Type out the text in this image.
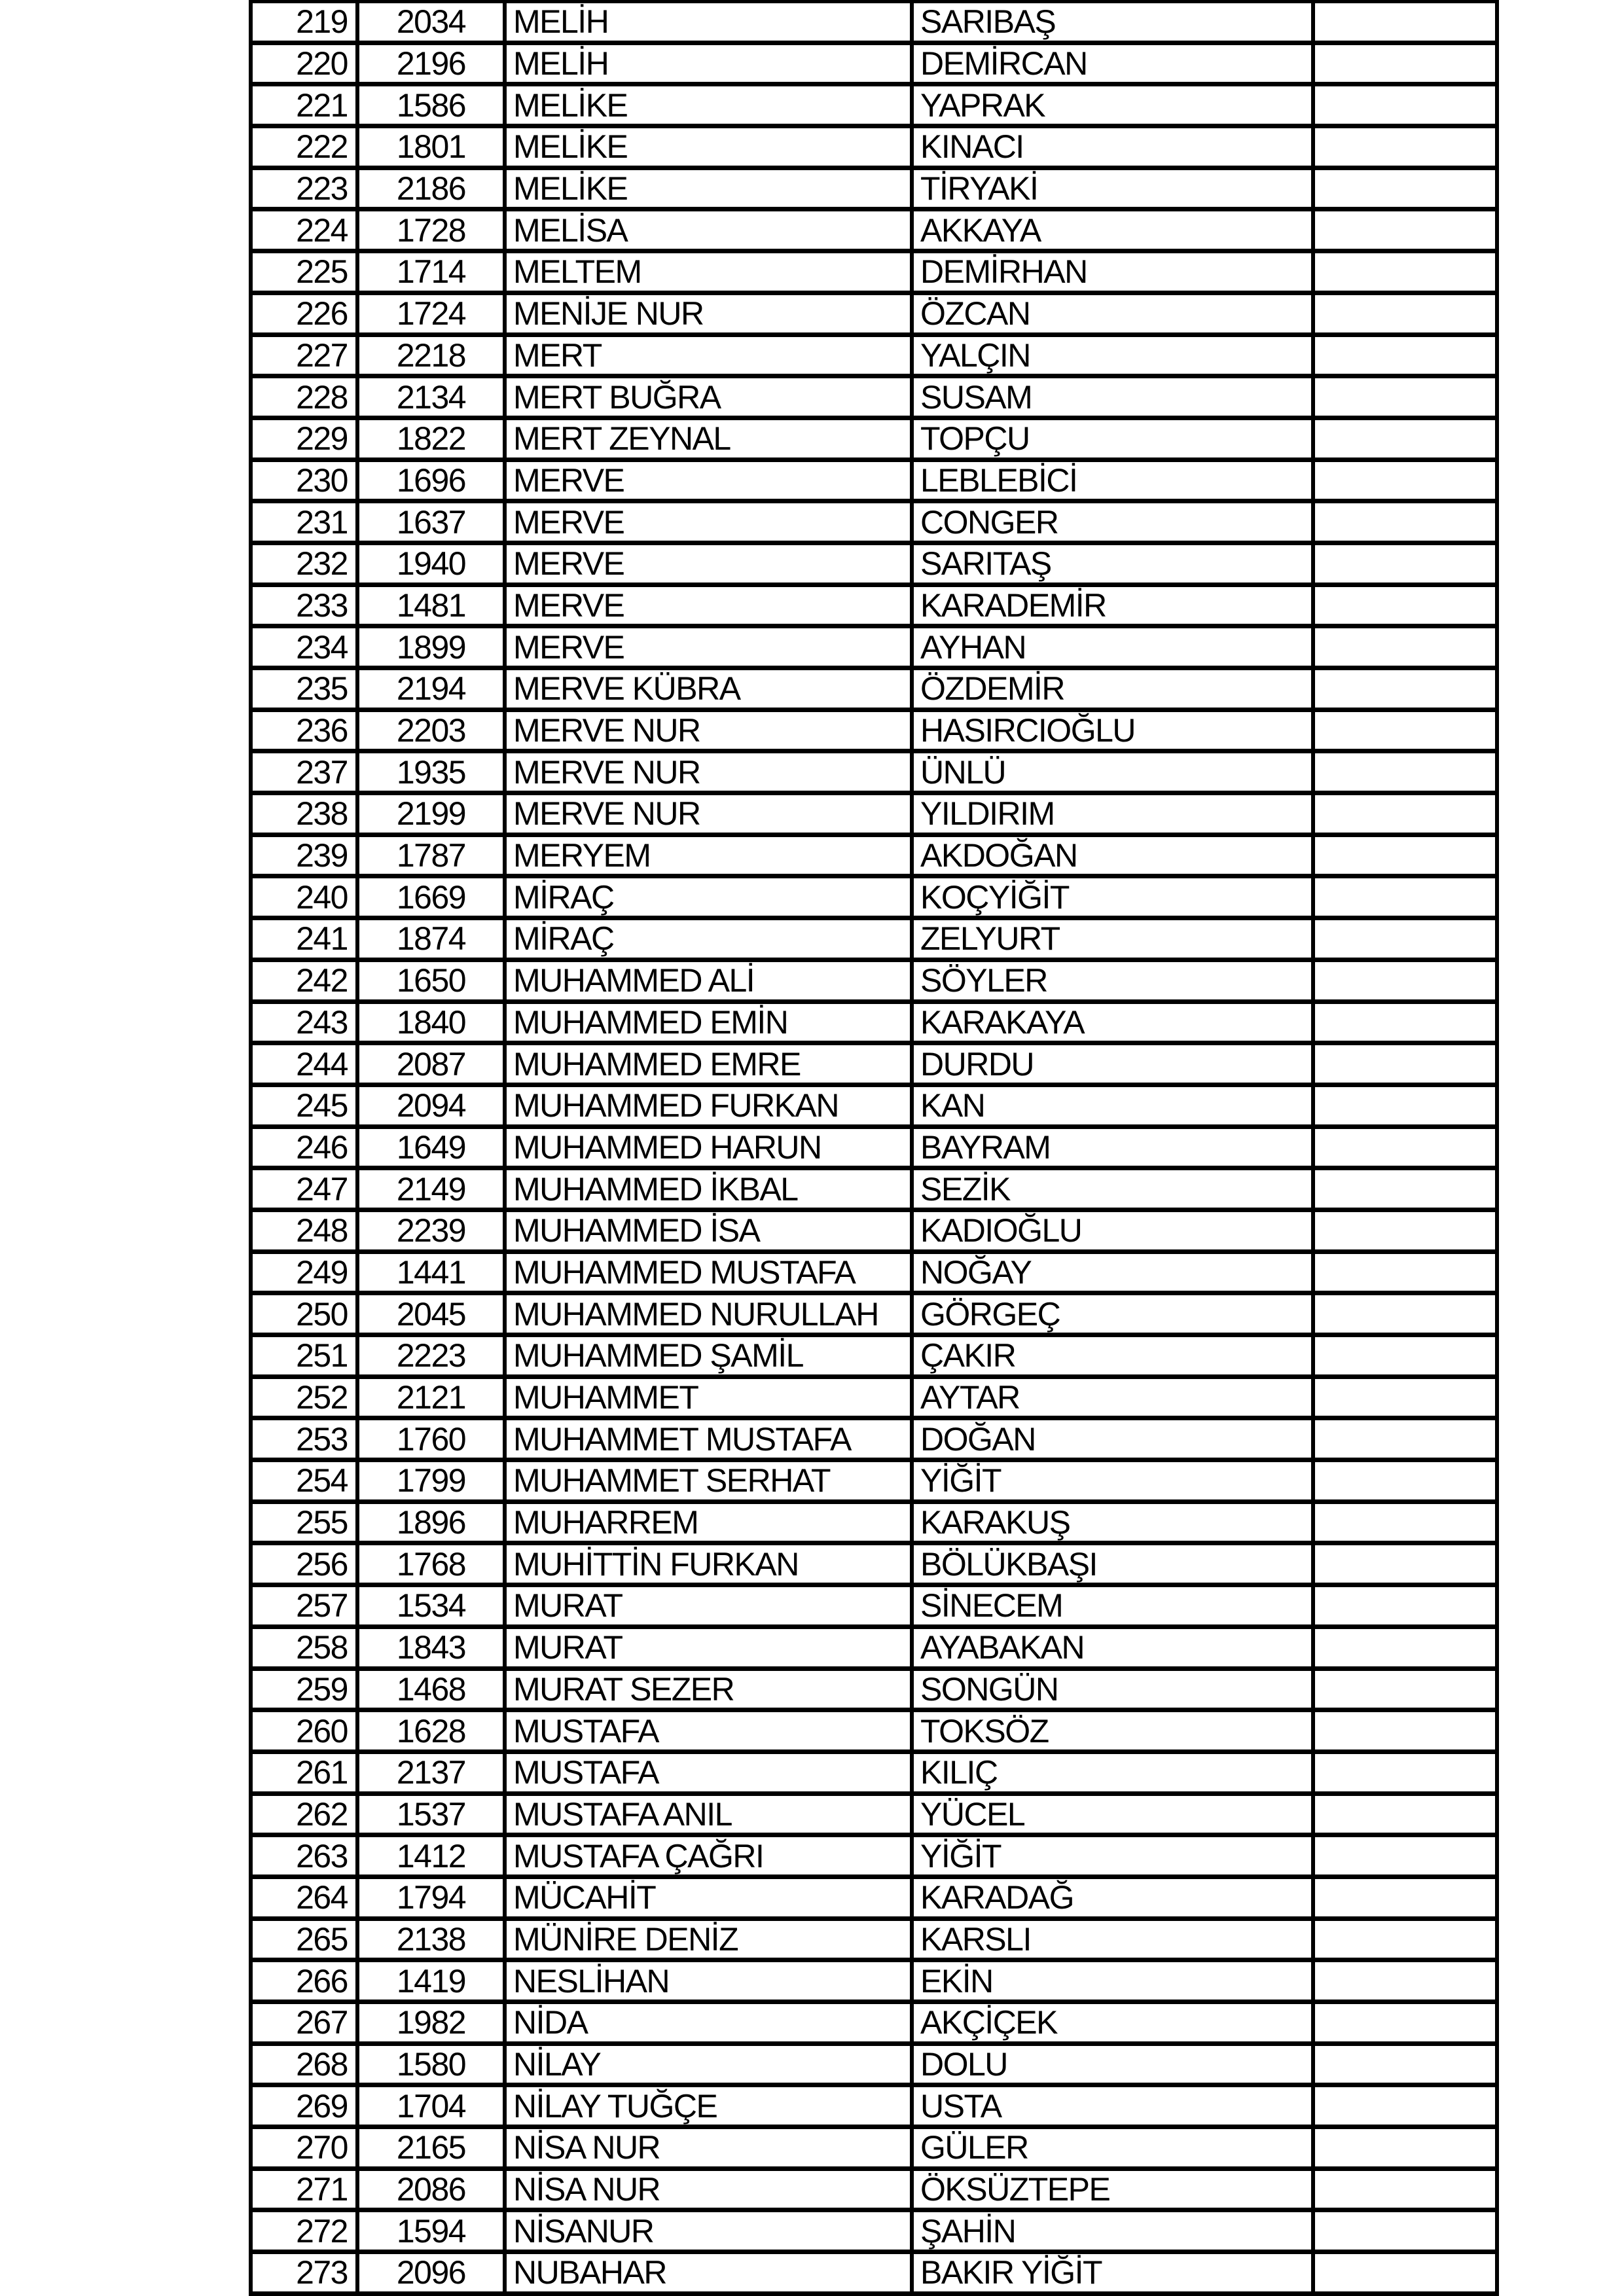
219	2034	MELİH	SARIBAŞ
220	2196	MELİH	DEMİRCAN
221	1586	MELİKE	YAPRAK
222	1801	MELİKE	KINACI
223	2186	MELİKE	TİRYAKİ
224	1728	MELİSA	AKKAYA
225	1714	MELTEM	DEMİRHAN
226	1724	MENİJE NUR	ÖZCAN
227	2218	MERT	YALÇIN
228	2134	MERT BUĞRA	SUSAM
229	1822	MERT ZEYNAL	TOPÇU
230	1696	MERVE	LEBLEBİCİ
231	1637	MERVE	CONGER
232	1940	MERVE	SARITAŞ
233	1481	MERVE	KARADEMİR
234	1899	MERVE	AYHAN
235	2194	MERVE KÜBRA	ÖZDEMİR
236	2203	MERVE NUR	HASIRCIOĞLU
237	1935	MERVE NUR	ÜNLÜ
238	2199	MERVE NUR	YILDIRIM
239	1787	MERYEM	AKDOĞAN
240	1669	MİRAÇ	KOÇYİĞİT
241	1874	MİRAÇ	ZELYURT
242	1650	MUHAMMED ALİ	SÖYLER
243	1840	MUHAMMED EMİN	KARAKAYA
244	2087	MUHAMMED EMRE	DURDU
245	2094	MUHAMMED FURKAN	KAN
246	1649	MUHAMMED HARUN	BAYRAM
247	2149	MUHAMMED İKBAL	SEZİK
248	2239	MUHAMMED İSA	KADIOĞLU
249	1441	MUHAMMED MUSTAFA	NOĞAY
250	2045	MUHAMMED NURULLAH	GÖRGEÇ
251	2223	MUHAMMED ŞAMİL	ÇAKIR
252	2121	MUHAMMET	AYTAR
253	1760	MUHAMMET MUSTAFA	DOĞAN
254	1799	MUHAMMET SERHAT	YİĞİT
255	1896	MUHARREM	KARAKUŞ
256	1768	MUHİTTİN FURKAN	BÖLÜKBAŞI
257	1534	MURAT	SİNECEM
258	1843	MURAT	AYABAKAN
259	1468	MURAT SEZER	SONGÜN
260	1628	MUSTAFA	TOKSÖZ
261	2137	MUSTAFA	KILIÇ
262	1537	MUSTAFA ANIL	YÜCEL
263	1412	MUSTAFA ÇAĞRI	YİĞİT
264	1794	MÜCAHİT	KARADAĞ
265	2138	MÜNİRE DENİZ	KARSLI
266	1419	NESLİHAN	EKİN
267	1982	NİDA	AKÇİÇEK
268	1580	NİLAY	DOLU
269	1704	NİLAY TUĞÇE	USTA
270	2165	NİSA NUR	GÜLER
271	2086	NİSA NUR	ÖKSÜZTEPE
272	1594	NİSANUR	ŞAHİN
273	2096	NUBAHAR	BAKIR YİĞİT
